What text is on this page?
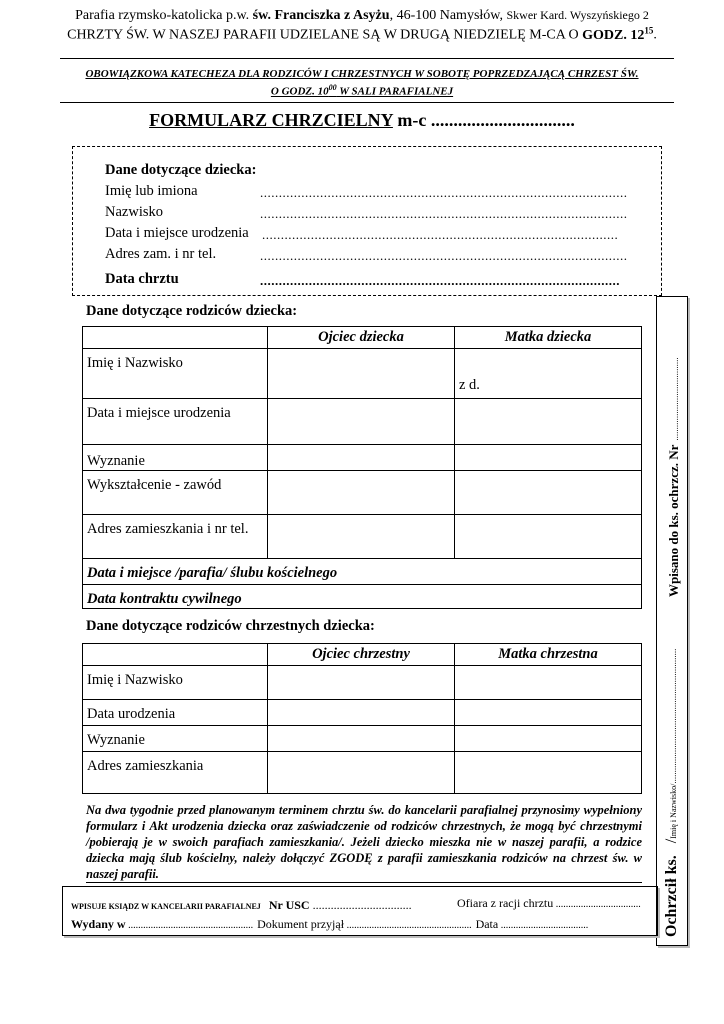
Parafia rzymsko-katolicka p.w. św. Franciszka z Asyżu, 46-100 Namysłów, Skwer Kard. Wyszyńskiego 2
CHRZTY ŚW. W NASZEJ PARAFII UDZIELANE SĄ W DRUGĄ NIEDZIELĘ M-CA O GODZ. $12^{15}$.
OBOWIĄZKOWA KATECHEZA DLA RODZICÓW I CHRZESTNYCH W SOBOTĘ POPRZEDZAJĄCĄ CHRZEST ŚW.
O GODZ. $10^{00}$ W SALI PARAFIALNEJ
FORMULARZ CHRZCIELNY m-c ................................
Dane dotyczące dziecka:
Imię lub imiona	..................................................................................................
Nazwisko	..................................................................................................
Data i miejsce urodzenia ...............................................................................................
Adres zam. i nr tel.	..................................................................................................
Data chrztu	................................................................................................
Dane dotyczące rodziców dziecka:
	Ojciec dziecka	Matka dziecka
Imię i Nazwisko		z d.

Data i miejsce urodzenia		
Wyznanie		
Wykształcenie - zawód		
Adres zamieszkania i nr tel.		
Data i miejsce /parafia/ ślubu kościelnego		
Data kontraktu cywilnego		
Dane dotyczące rodziców chrzestnych dziecka:
	Ojciec chrzestny	Matka chrzestna
Imię i Nazwisko		
Data urodzenia		
Wyznanie		
Adres zamieszkania		
Na dwa tygodnie przed planowanym terminem chrztu św. do kancelarii parafialnej przynosimy wypełniony formularz i Akt urodzenia dziecka oraz zaświadczenie od rodziców chrzestnych, że mogą być chrzestnymi /pobierają je w swoich parafiach zamieszkania/. Jeżeli dziecko mieszka nie w naszej parafii, a rodzice dziecka mają ślub kościelny, należy dołączyć ZGODĘ z parafii zamieszkania rodziców na chrzest św. w naszej parafii.	Ochrzcił ks. /Imię i Nazwisko/............................................................
Wpisano do ks. ochrzcz. Nr.....................................
WPISUJE KSIĄDZ W KANCELARII PARAFIALNEJ Nr USC .................................	Ofiara z racji chrztu ..................................
Wydany w .................................................. Dokument przyjął .................................................. Data ...................................
